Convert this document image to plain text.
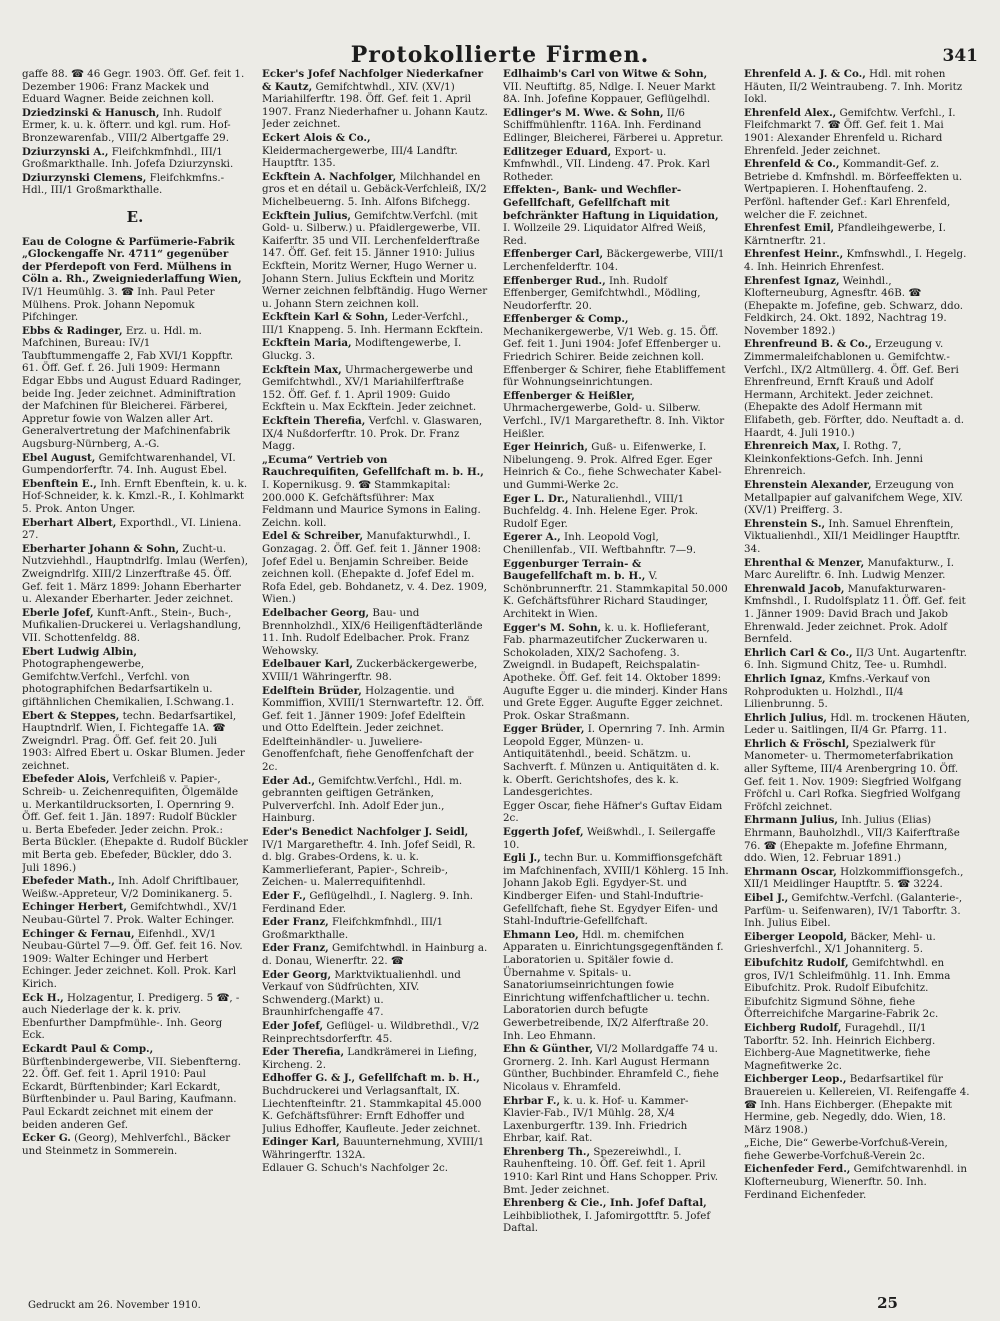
Protokollierte Firmen.	341
gaffe 88. ☎ 46 Gegr. 1903. Öff. Gef. feit 1. Dezember 1906: Franz Mackek und Eduard Wagner. Beide zeichnen koll.
Dziedzinski & Hanusch, Inh. Rudolf Ermer, k. u. k. öfterr. und kgl. rum. Hof-Bronzewarenfab., VIII/2 Albertgaffe 29.
Dziurzynski A., Fleifchkmfnhdl., III/1 Großmarkthalle. Inh. Jofefa Dziurzynski.
Dziurzynski Clemens, Fleifchkmfns.-Hdl., III/1 Großmarkthalle.
E.
Eau de Cologne & Parfümerie-Fabrik „Glockengaffe Nr. 4711“ gegenüber der Pferdepoft von Ferd. Mülhens in Cöln a. Rh., Zweigniederlaffung Wien, IV/1 Heumühlg. 3. ☎ Inh. Paul Peter Mülhens. Prok. Johann Nepomuk Pifchinger.
Ebbs & Radinger, Erz. u. Hdl. m. Mafchinen, Bureau: IV/1 Taubftummengaffe 2, Fab XVI/1 Koppftr. 61. Öff. Gef. f. 26. Juli 1909: Hermann Edgar Ebbs und August Eduard Radinger, beide Ing. Jeder zeichnet. Adminiftration der Mafchinen für Bleicherei. Färberei, Appretur fowie von Walzen aller Art. Generalvertretung der Mafchinenfabrik Augsburg-Nürnberg, A.-G.
Ebel August, Gemifchtwarenhandel, VI. Gumpendorferftr. 74. Inh. August Ebel.
Ebenftein E., Inh. Ernft Ebenftein, k. u. k. Hof-Schneider, k. k. Kmzl.-R., I. Kohlmarkt 5. Prok. Anton Unger.
Eberhart Albert, Exporthdl., VI. Liniena. 27.
Eberharter Johann & Sohn, Zucht-u. Nutzviehhdl., Hauptndrlfg. Imlau (Werfen), Zweigndrlfg. XIII/2 Linzerftraße 45. Öff. Gef. feit 1. März 1899: Johann Eberharter u. Alexander Eberharter. Jeder zeichnet.
Eberle Jofef, Kunft-Anft., Stein-, Buch-, Mufikalien-Druckerei u. Verlagshandlung, VII. Schottenfeldg. 88.
Ebert Ludwig Albin, Photographengewerbe, Gemifchtw.Verfchl., Verfchl. von photographifchen Bedarfsartikeln u. giftähnlichen Chemikalien, I.Schwang.1.
Ebert & Steppes, techn. Bedarfsartikel, Hauptndrlf. Wien, I. Fichtegaffe 1A. ☎ Zweigndrl. Prag. Öff. Gef. feit 20. Juli 1903: Alfred Ebert u. Oskar Blumen. Jeder zeichnet.
Ebefeder Alois, Verfchleiß v. Papier-, Schreib- u. Zeichenrequifiten, Ölgemälde u. Merkantildrucksorten, I. Opernring 9. Öff. Gef. feit 1. Jän. 1897: Rudolf Bückler u. Berta Ebefeder. Jeder zeichn. Prok.: Berta Bückler. (Ehepakte d. Rudolf Bückler mit Berta geb. Ebefeder, Bückler, ddo 3. Juli 1896.)
Ebefeder Math., Inh. Adolf Chriftlbauer, Weißw.-Appreteur, V/2 Dominikanerg. 5.
Echinger Herbert, Gemifchtwhdl., XV/1 Neubau-Gürtel 7. Prok. Walter Echinger.
Echinger & Fernau, Eifenhdl., XV/1 Neubau-Gürtel 7—9. Öff. Gef. feit 16. Nov. 1909: Walter Echinger und Herbert Echinger. Jeder zeichnet. Koll. Prok. Karl Kirich.
Eck H., Holzagentur, I. Predigerg. 5 ☎, -auch Niederlage der k. k. priv. Ebenfurther Dampfmühle-. Inh. Georg Eck.
Eckardt Paul & Comp., Bürftenbindergewerbe, VII. Siebenfterng. 22. Öff. Gef. feit 1. April 1910: Paul Eckardt, Bürftenbinder; Karl Eckardt, Bürftenbinder u. Paul Baring, Kaufmann. Paul Eckardt zeichnet mit einem der beiden anderen Gef.
Ecker G. (Georg), Mehlverfchl., Bäcker und Steinmetz in Sommerein.
Ecker's Jofef Nachfolger Niederkafner & Kautz, Gemifchtwhdl., XIV. (XV/1) Mariahilferftr. 198. Öff. Gef. feit 1. April 1907. Franz Niederhafner u. Johann Kautz. Jeder zeichnet.
Eckert Alois & Co., Kleidermachergewerbe, III/4 Landftr. Hauptftr. 135.
Eckftein A. Nachfolger, Milchhandel en gros et en détail u. Gebäck-Verfchleiß, IX/2 Michelbeuerng. 5. Inh. Alfons Bifchegg.
Eckftein Julius, Gemifchtw.Verfchl. (mit Gold- u. Silberw.) u. Pfaidlergewerbe, VII. Kaiferftr. 35 und VII. Lerchenfelderftraße 147. Öff. Gef. feit 15. Jänner 1910: Julius Eckftein, Moritz Werner, Hugo Werner u. Johann Stern. Julius Eckftein und Moritz Werner zeichnen felbftändig. Hugo Werner u. Johann Stern zeichnen koll.
Eckftein Karl & Sohn, Leder-Verfchl., III/1 Knappeng. 5. Inh. Hermann Eckftein.
Eckftein Maria, Modiftengewerbe, I. Gluckg. 3.
Eckftein Max, Uhrmachergewerbe und Gemifchtwhdl., XV/1 Mariahilferftraße 152. Öff. Gef. f. 1. April 1909: Guido Eckftein u. Max Eckftein. Jeder zeichnet.
Eckftein Therefia, Verfchl. v. Glaswaren, IX/4 Nußdorferftr. 10. Prok. Dr. Franz Magg.
„Ecuma“ Vertrieb von Rauchrequifiten, Gefellfchaft m. b. H., I. Kopernikusg. 9. ☎ Stammkapital: 200.000 K. Gefchäftsführer: Max Feldmann und Maurice Symons in Ealing. Zeichn. koll.
Edel & Schreiber, Manufakturwhdl., I. Gonzagag. 2. Öff. Gef. feit 1. Jänner 1908: Jofef Edel u. Benjamin Schreiber. Beide zeichnen koll. (Ehepakte d. Jofef Edel m. Rofa Edel, geb. Bohdanetz, v. 4. Dez. 1909, Wien.)
Edelbacher Georg, Bau- und Brennholzhdl., XIX/6 Heiligenftädterlände 11. Inh. Rudolf Edelbacher. Prok. Franz Wehowsky.
Edelbauer Karl, Zuckerbäckergewerbe, XVIII/1 Währingerftr. 98.
Edelftein Brüder, Holzagentie. und Kommiffion, XVIII/1 Sternwarteftr. 12. Öff. Gef. feit 1. Jänner 1909: Jofef Edelftein und Otto Edelftein. Jeder zeichnet.
Edelfteinhändler- u. Juweliere-Genoffenfchaft, fiehe Genoffenfchaft der 2c.
Eder Ad., Gemifchtw.Verfchl., Hdl. m. gebrannten geiftigen Getränken, Pulververfchl. Inh. Adolf Eder jun., Hainburg.
Eder's Benedict Nachfolger J. Seidl, IV/1 Margaretheftr. 4. Inh. Jofef Seidl, R. d. blg. Grabes-Ordens, k. u. k. Kammerlieferant, Papier-, Schreib-, Zeichen- u. Malerrequifitenhdl.
Eder F., Geflügelhdl., I. Naglerg. 9. Inh. Ferdinand Eder.
Eder Franz, Fleifchkmfnhdl., III/1 Großmarkthalle.
Eder Franz, Gemifchtwhdl. in Hainburg a. d. Donau, Wienerftr. 22. ☎
Eder Georg, Marktviktualienhdl. und Verkauf von Südfrüchten, XIV. Schwenderg.(Markt) u. Braunhirfchengaffe 47.
Eder Jofef, Geflügel- u. Wildbrethdl., V/2 Reinprechtsdorferftr. 45.
Eder Therefia, Landkrämerei in Liefing, Kircheng. 2.
Edhoffer G. & J., Gefellfchaft m. b. H., Buchdruckerei und Verlagsanftalt, IX. Liechtenfteinftr. 21. Stammkapital 45.000 K. Gefchäftsführer: Ernft Edhoffer und Julius Edhoffer, Kaufleute. Jeder zeichnet.
Edinger Karl, Bauunternehmung, XVIII/1 Währingerftr. 132A.
Edlauer G. Schuch's Nachfolger 2c.
Edlhaimb's Carl von Witwe & Sohn, VII. Neuftiftg. 85, Ndlge. I. Neuer Markt 8A. Inh. Jofefine Koppauer, Geflügelhdl.
Edlinger's M. Wwe. & Sohn, II/6 Schiffmühlenftr. 116A. Inh. Ferdinand Edlinger, Bleicherei, Färberei u. Appretur.
Edlitzeger Eduard, Export- u. Kmfnwhdl., VII. Lindeng. 47. Prok. Karl Rotheder.
Effekten-, Bank- und Wechfler-Gefellfchaft, Gefellfchaft mit befchränkter Haftung in Liquidation, I. Wollzeile 29. Liquidator Alfred Weiß, Red.
Effenberger Carl, Bäckergewerbe, VIII/1 Lerchenfelderftr. 104.
Effenberger Rud., Inh. Rudolf Effenberger, Gemifchtwhdl., Mödling, Neudorferftr. 20.
Effenberger & Comp., Mechanikergewerbe, V/1 Web. g. 15. Öff. Gef. feit 1. Juni 1904: Jofef Effenberger u. Friedrich Schirer. Beide zeichnen koll. Effenberger & Schirer, fiehe Etabliffement für Wohnungseinrichtungen.
Effenberger & Heißler, Uhrmachergewerbe, Gold- u. Silberw. Verfchl., IV/1 Margaretheftr. 8. Inh. Viktor Heißler.
Eger Heinrich, Guß- u. Eifenwerke, I. Nibelungeng. 9. Prok. Alfred Eger. Eger Heinrich & Co., fiehe Schwechater Kabel- und Gummi-Werke 2c.
Eger L. Dr., Naturalienhdl., VIII/1 Buchfeldg. 4. Inh. Helene Eger. Prok. Rudolf Eger.
Egerer A., Inh. Leopold Vogl, Chenillenfab., VII. Weftbahnftr. 7—9.
Eggenburger Terrain- & Baugefellfchaft m. b. H., V. Schönbrunnerftr. 21. Stammkapital 50.000 K. Gefchäftsführer Richard Staudinger, Architekt in Wien.
Egger's M. Sohn, k. u. k. Hoflieferant, Fab. pharmazeutifcher Zuckerwaren u. Schokoladen, XIX/2 Sachofeng. 3. Zweigndl. in Budapeft, Reichspalatin-Apotheke. Öff. Gef. feit 14. Oktober 1899: Augufte Egger u. die minderj. Kinder Hans und Grete Egger. Augufte Egger zeichnet. Prok. Oskar Straßmann.
Egger Brüder, I. Opernring 7. Inh. Armin Leopold Egger, Münzen- u. Antiquitätenhdl., beeid. Schätzm. u. Sachverft. f. Münzen u. Antiquitäten d. k. k. Oberft. Gerichtshofes, des k. k. Landesgerichtes.
Egger Oscar, fiehe Häfner's Guftav Eidam 2c.
Eggerth Jofef, Weißwhdl., I. Seilergaffe 10.
Egli J., techn Bur. u. Kommiffionsgefchäft im Mafchinenfach, XVIII/1 Köhlerg. 15 Inh. Johann Jakob Egli. Egydyer-St. und Kindberger Eifen- und Stahl-Induftrie-Gefellfchaft, fiehe St. Egydyer Eifen- und Stahl-Induftrie-Gefellfchaft.
Ehmann Leo, Hdl. m. chemifchen Apparaten u. Einrichtungsgegenftänden f. Laboratorien u. Spitäler fowie d. Übernahme v. Spitals- u. Sanatoriumseinrichtungen fowie Einrichtung wiffenfchaftlicher u. techn. Laboratorien durch befugte Gewerbetreibende, IX/2 Alferftraße 20. Inh. Leo Ehmann.
Ehn & Günther, VI/2 Mollardgaffe 74 u. Grornerg. 2. Inh. Karl August Hermann Günther, Buchbinder. Ehramfeld C., fiehe Nicolaus v. Ehramfeld.
Ehrbar F., k. u. k. Hof- u. Kammer-Klavier-Fab., IV/1 Mühlg. 28, X/4 Laxenburgerftr. 139. Inh. Friedrich Ehrbar, kaif. Rat.
Ehrenberg Th., Spezereiwhdl., I. Rauhenfteing. 10. Öff. Gef. feit 1. April 1910: Karl Rint und Hans Schopper. Priv. Bmt. Jeder zeichnet.
Ehrenberg & Cie., Inh. Jofef Daftal, Leihbibliothek, I. Jafomirgottftr. 5. Jofef Daftal.
Ehrenfeld A. J. & Co., Hdl. mit rohen Häuten, II/2 Weintraubeng. 7. Inh. Moritz Iokl.
Ehrenfeld Alex., Gemifchtw. Verfchl., I. Fleifchmarkt 7. ☎ Öff. Gef. feit 1. Mai 1901: Alexander Ehrenfeld u. Richard Ehrenfeld. Jeder zeichnet.
Ehrenfeld & Co., Kommandit-Gef. z. Betriebe d. Kmfnshdl. m. Börfeeffekten u. Wertpapieren. I. Hohenftaufeng. 2. Perfönl. haftender Gef.: Karl Ehrenfeld, welcher die F. zeichnet.
Ehrenfest Emil, Pfandleihgewerbe, I. Kärntnerftr. 21.
Ehrenfest Heinr., Kmfnswhdl., I. Hegelg. 4. Inh. Heinrich Ehrenfest.
Ehrenfest Ignaz, Weinhdl., Klofterneuburg, Agnesftr. 46B. ☎ (Ehepakte m. Jofefine, geb. Schwarz, ddo. Feldkirch, 24. Okt. 1892, Nachtrag 19. November 1892.)
Ehrenfreund B. & Co., Erzeugung v. Zimmermaleifchablonen u. Gemifchtw.-Verfchl., IX/2 Altmüllerg. 4. Öff. Gef. Beri Ehrenfreund, Ernft Krauß und Adolf Hermann, Architekt. Jeder zeichnet. (Ehepakte des Adolf Hermann mit Elifabeth, geb. Förfter, ddo. Neuftadt a. d. Haardt, 4. Juli 1910.)
Ehrenreich Max, I. Rothg. 7, Kleinkonfektions-Gefch. Inh. Jenni Ehrenreich.
Ehrenstein Alexander, Erzeugung von Metallpapier auf galvanifchem Wege, XIV. (XV/1) Preifferg. 3.
Ehrenstein S., Inh. Samuel Ehrenftein, Viktualienhdl., XII/1 Meidlinger Hauptftr. 34.
Ehrenthal & Menzer, Manufakturw., I. Marc Aureliftr. 6. Inh. Ludwig Menzer.
Ehrenwald Jacob, Manufakturwaren-Kmfnshdl., I. Rudolfsplatz 11. Öff. Gef. feit 1. Jänner 1909: David Brach und Jakob Ehrenwald. Jeder zeichnet. Prok. Adolf Bernfeld.
Ehrlich Carl & Co., II/3 Unt. Augartenftr. 6. Inh. Sigmund Chitz, Tee- u. Rumhdl.
Ehrlich Ignaz, Kmfns.-Verkauf von Rohprodukten u. Holzhdl., II/4 Lilienbrunng. 5.
Ehrlich Julius, Hdl. m. trockenen Häuten, Leder u. Saitlingen, II/4 Gr. Pfarrg. 11.
Ehrlich & Fröschl, Spezialwerk für Manometer- u. Thermometerfabrikation aller Syfteme, III/4 Arenbergring 10. Öff. Gef. feit 1. Nov. 1909: Siegfried Wolfgang Fröfchl u. Carl Rofka. Siegfried Wolfgang Fröfchl zeichnet.
Ehrmann Julius, Inh. Julius (Elias) Ehrmann, Bauholzhdl., VII/3 Kaiferftraße 76. ☎ (Ehepakte m. Jofefine Ehrmann, ddo. Wien, 12. Februar 1891.)
Ehrmann Oscar, Holzkommiffionsgefch., XII/1 Meidlinger Hauptftr. 5. ☎ 3224.
Eibel J., Gemifchtw.-Verfchl. (Galanterie-, Parfüm- u. Seifenwaren), IV/1 Taborftr. 3. Inh. Julius Eibel.
Eiberger Leopold, Bäcker, Mehl- u. Grieshverfchl., X/1 Johanniterg. 5.
Eibufchitz Rudolf, Gemifchtwhdl. en gros, IV/1 Schleifmühlg. 11. Inh. Emma Eibufchitz. Prok. Rudolf Eibufchitz.
Eibufchitz Sigmund Söhne, fiehe Öfterreichifche Margarine-Fabrik 2c.
Eichberg Rudolf, Furagehdl., II/1 Taborftr. 52. Inh. Heinrich Eichberg. Eichberg-Aue Magnetitwerke, fiehe Magnefitwerke 2c.
Eichberger Leop., Bedarfsartikel für Brauereien u. Kellereien, VI. Reifengaffe 4. ☎ Inh. Hans Eichberger. (Ehepakte mit Hermine, geb. Negedly, ddo. Wien, 18. März 1908.)
„Eiche, Die“ Gewerbe-Vorfchuß-Verein, fiehe Gewerbe-Vorfchuß-Verein 2c.
Eichenfeder Ferd., Gemifchtwarenhdl. in Klofterneuburg, Wienerftr. 50. Inh. Ferdinand Eichenfeder.
Gedruckt am 26. November 1910.	25
